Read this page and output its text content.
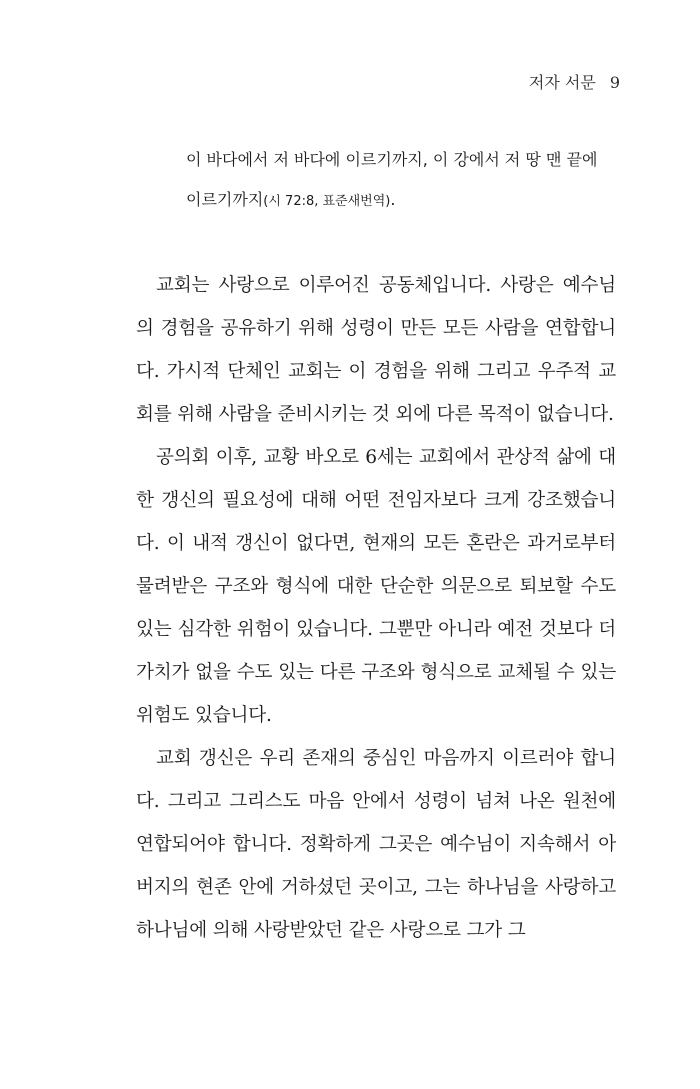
저자 서문 9

이 바다에서 저 바다에 이르기까지, 이 강에서 저 땅 맨 끝에 이르기까지(시 72:8, 표준새번역).

교회는 사랑으로 이루어진 공동체입니다. 사랑은 예수님의 경험을 공유하기 위해 성령이 만든 모든 사람을 연합합니다. 가시적 단체인 교회는 이 경험을 위해 그리고 우주적 교회를 위해 사람을 준비시키는 것 외에 다른 목적이 없습니다.

공의회 이후, 교황 바오로 6세는 교회에서 관상적 삶에 대한 갱신의 필요성에 대해 어떤 전임자보다 크게 강조했습니다. 이 내적 갱신이 없다면, 현재의 모든 혼란은 과거로부터 물려받은 구조와 형식에 대한 단순한 의문으로 퇴보할 수도 있는 심각한 위험이 있습니다. 그뿐만 아니라 예전 것보다 더 가치가 없을 수도 있는 다른 구조와 형식으로 교체될 수 있는 위험도 있습니다.

교회 갱신은 우리 존재의 중심인 마음까지 이르러야 합니다. 그리고 그리스도 마음 안에서 성령이 넘쳐 나온 원천에 연합되어야 합니다. 정확하게 그곳은 예수님이 지속해서 아버지의 현존 안에 거하셨던 곳이고, 그는 하나님을 사랑하고 하나님에 의해 사랑받았던 같은 사랑으로 그가 그
